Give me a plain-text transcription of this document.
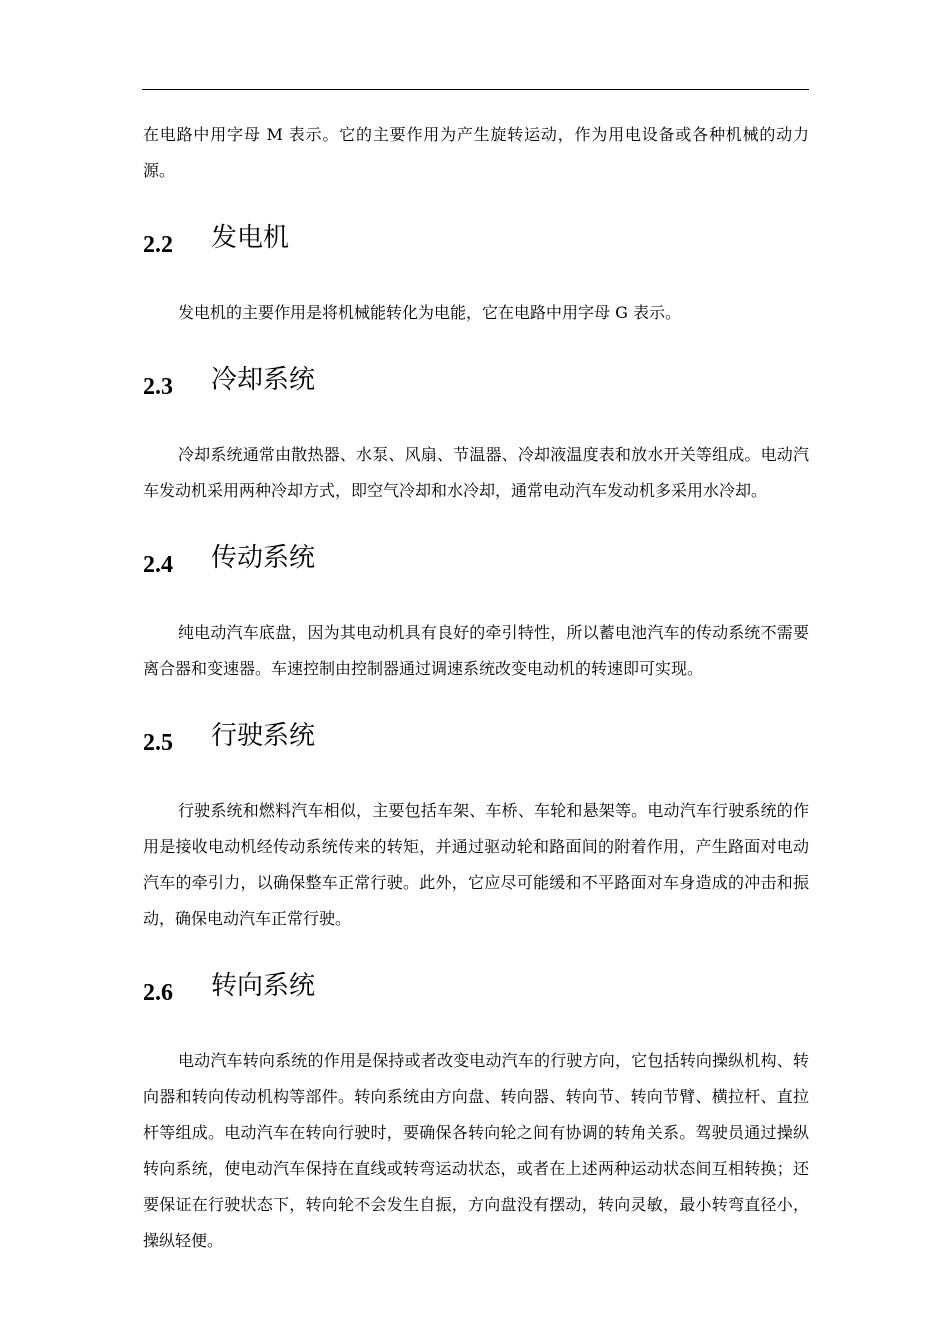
在电路中用字母 M 表示。它的主要作用为产生旋转运动，作为用电设备或各种机械的动力源。

2.2	发电机

发电机的主要作用是将机械能转化为电能，它在电路中用字母 G 表示。

2.3	冷却系统

冷却系统通常由散热器、水泵、风扇、节温器、冷却液温度表和放水开关等组成。电动汽车发动机采用两种冷却方式，即空气冷却和水冷却，通常电动汽车发动机多采用水冷却。

2.4	传动系统

纯电动汽车底盘，因为其电动机具有良好的牵引特性，所以蓄电池汽车的传动系统不需要离合器和变速器。车速控制由控制器通过调速系统改变电动机的转速即可实现。

2.5	行驶系统

行驶系统和燃料汽车相似，主要包括车架、车桥、车轮和悬架等。电动汽车行驶系统的作用是接收电动机经传动系统传来的转矩，并通过驱动轮和路面间的附着作用，产生路面对电动汽车的牵引力，以确保整车正常行驶。此外，它应尽可能缓和不平路面对车身造成的冲击和振动，确保电动汽车正常行驶。

2.6	转向系统

电动汽车转向系统的作用是保持或者改变电动汽车的行驶方向，它包括转向操纵机构、转向器和转向传动机构等部件。转向系统由方向盘、转向器、转向节、转向节臂、横拉杆、直拉杆等组成。电动汽车在转向行驶时，要确保各转向轮之间有协调的转角关系。驾驶员通过操纵转向系统，使电动汽车保持在直线或转弯运动状态，或者在上述两种运动状态间互相转换；还要保证在行驶状态下，转向轮不会发生自振，方向盘没有摆动，转向灵敏，最小转弯直径小，操纵轻便。
